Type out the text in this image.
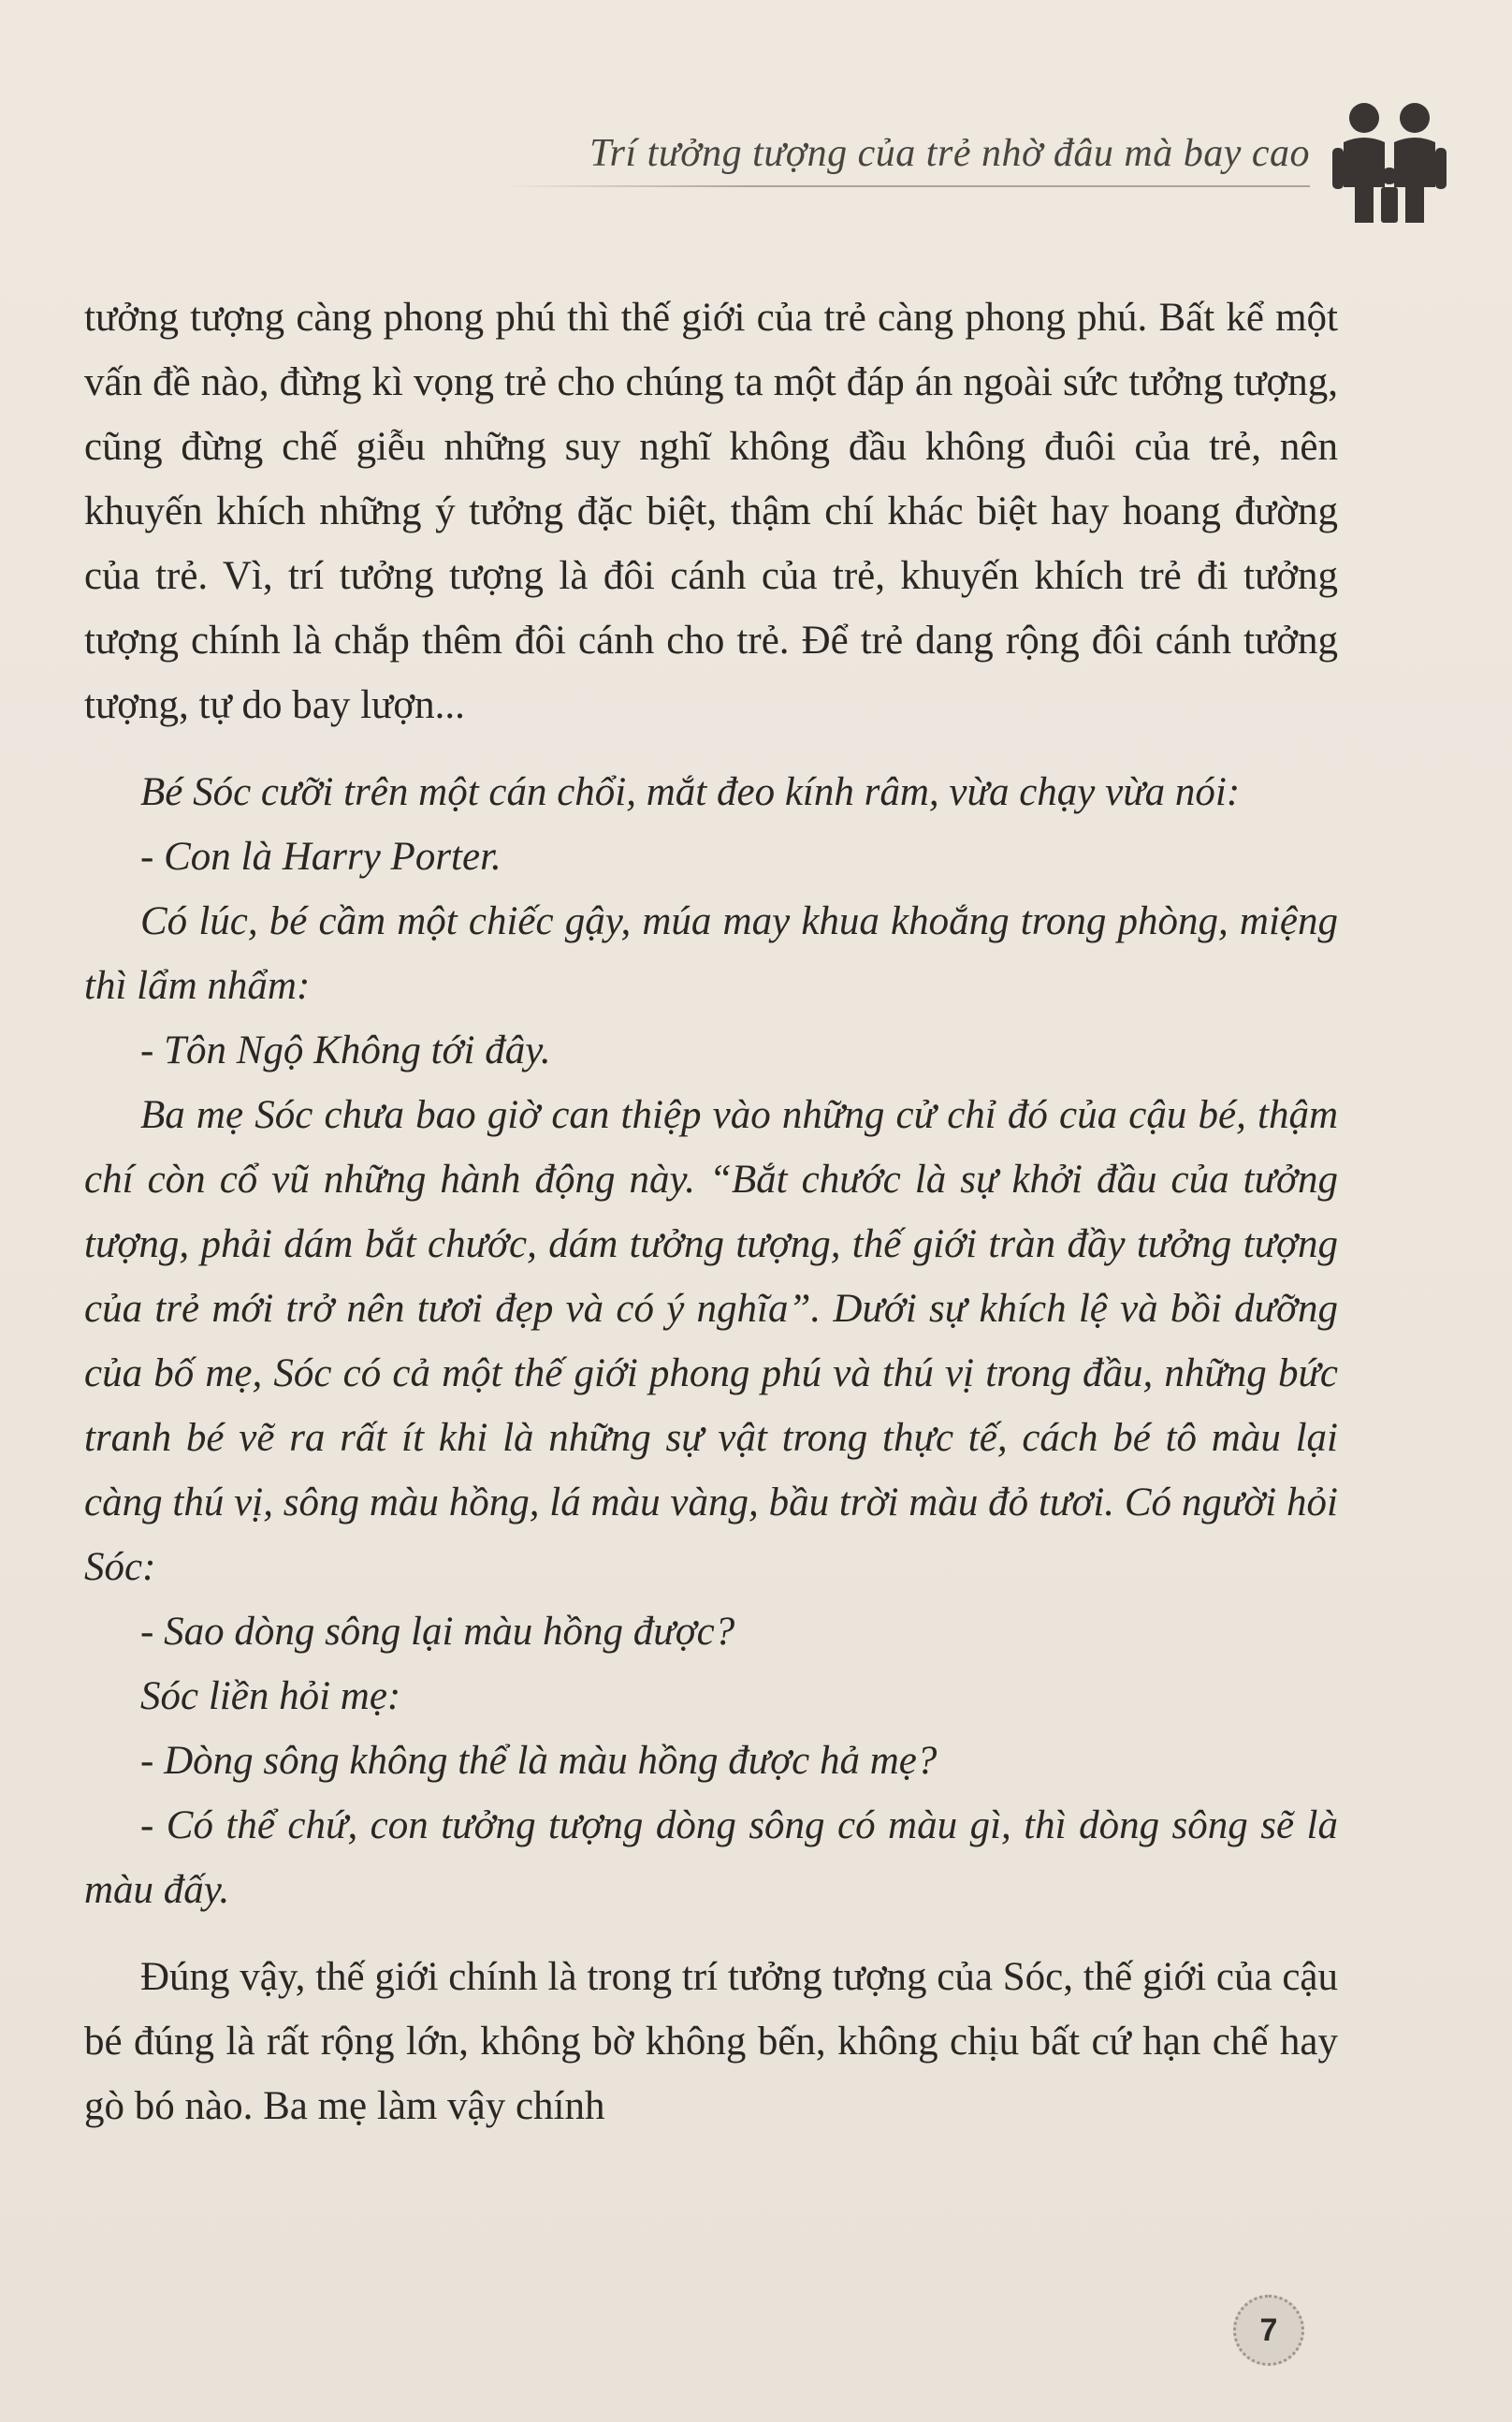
Trí tưởng tượng của trẻ nhờ đâu mà bay cao

tưởng tượng càng phong phú thì thế giới của trẻ càng phong phú. Bất kể một vấn đề nào, đừng kì vọng trẻ cho chúng ta một đáp án ngoài sức tưởng tượng, cũng đừng chế giễu những suy nghĩ không đầu không đuôi của trẻ, nên khuyến khích những ý tưởng đặc biệt, thậm chí khác biệt hay hoang đường của trẻ. Vì, trí tưởng tượng là đôi cánh của trẻ, khuyến khích trẻ đi tưởng tượng chính là chắp thêm đôi cánh cho trẻ. Để trẻ dang rộng đôi cánh tưởng tượng, tự do bay lượn...

Bé Sóc cưỡi trên một cán chổi, mắt đeo kính râm, vừa chạy vừa nói:

- Con là Harry Porter.

Có lúc, bé cầm một chiếc gậy, múa may khua khoắng trong phòng, miệng thì lẩm nhẩm:

- Tôn Ngộ Không tới đây.

Ba mẹ Sóc chưa bao giờ can thiệp vào những cử chỉ đó của cậu bé, thậm chí còn cổ vũ những hành động này. “Bắt chước là sự khởi đầu của tưởng tượng, phải dám bắt chước, dám tưởng tượng, thế giới tràn đầy tưởng tượng của trẻ mới trở nên tươi đẹp và có ý nghĩa”. Dưới sự khích lệ và bồi dưỡng của bố mẹ, Sóc có cả một thế giới phong phú và thú vị trong đầu, những bức tranh bé vẽ ra rất ít khi là những sự vật trong thực tế, cách bé tô màu lại càng thú vị, sông màu hồng, lá màu vàng, bầu trời màu đỏ tươi. Có người hỏi Sóc:

- Sao dòng sông lại màu hồng được?

Sóc liền hỏi mẹ:

- Dòng sông không thể là màu hồng được hả mẹ?

- Có thể chứ, con tưởng tượng dòng sông có màu gì, thì dòng sông sẽ là màu đấy.

Đúng vậy, thế giới chính là trong trí tưởng tượng của Sóc, thế giới của cậu bé đúng là rất rộng lớn, không bờ không bến, không chịu bất cứ hạn chế hay gò bó nào. Ba mẹ làm vậy chính

7
